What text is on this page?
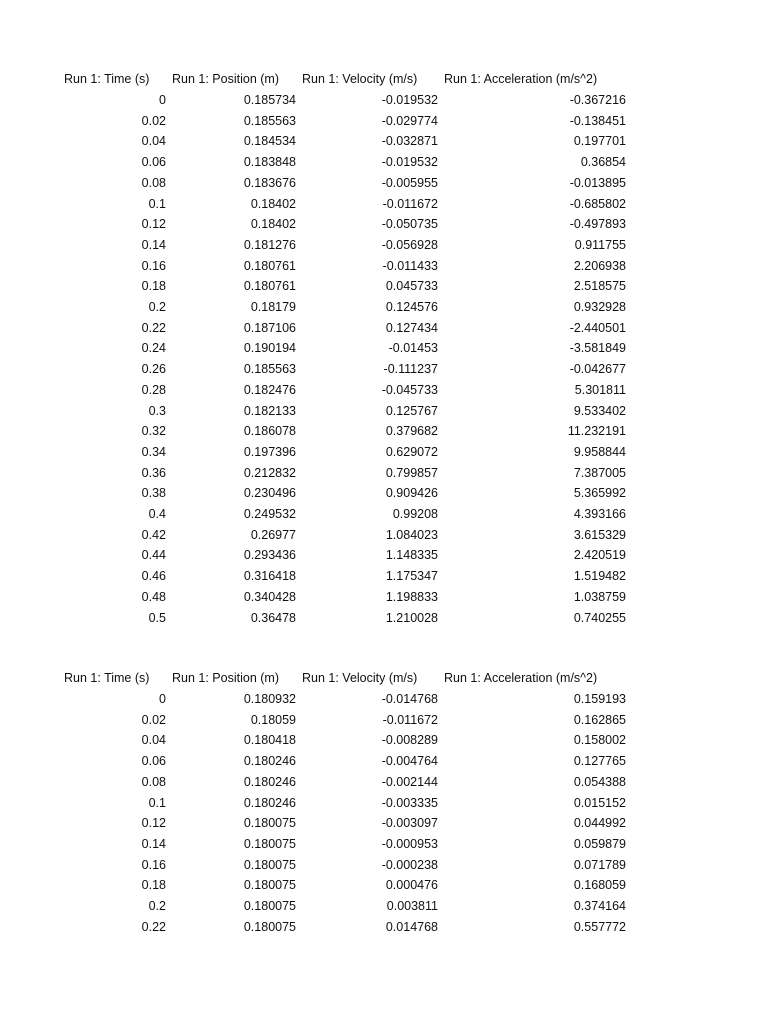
Run 1: Time (s)	Run 1: Position (m)	Run 1: Velocity (m/s)	Run 1: Acceleration (m/s^2)
0	0.185734	-0.019532	-0.367216
0.02	0.185563	-0.029774	-0.138451
0.04	0.184534	-0.032871	0.197701
0.06	0.183848	-0.019532	0.36854
0.08	0.183676	-0.005955	-0.013895
0.1	0.18402	-0.011672	-0.685802
0.12	0.18402	-0.050735	-0.497893
0.14	0.181276	-0.056928	0.911755
0.16	0.180761	-0.011433	2.206938
0.18	0.180761	0.045733	2.518575
0.2	0.18179	0.124576	0.932928
0.22	0.187106	0.127434	-2.440501
0.24	0.190194	-0.01453	-3.581849
0.26	0.185563	-0.111237	-0.042677
0.28	0.182476	-0.045733	5.301811
0.3	0.182133	0.125767	9.533402
0.32	0.186078	0.379682	11.232191
0.34	0.197396	0.629072	9.958844
0.36	0.212832	0.799857	7.387005
0.38	0.230496	0.909426	5.365992
0.4	0.249532	0.99208	4.393166
0.42	0.26977	1.084023	3.615329
0.44	0.293436	1.148335	2.420519
0.46	0.316418	1.175347	1.519482
0.48	0.340428	1.198833	1.038759
0.5	0.36478	1.210028	0.740255
Run 1: Time (s)	Run 1: Position (m)	Run 1: Velocity (m/s)	Run 1: Acceleration (m/s^2)
0	0.180932	-0.014768	0.159193
0.02	0.18059	-0.011672	0.162865
0.04	0.180418	-0.008289	0.158002
0.06	0.180246	-0.004764	0.127765
0.08	0.180246	-0.002144	0.054388
0.1	0.180246	-0.003335	0.015152
0.12	0.180075	-0.003097	0.044992
0.14	0.180075	-0.000953	0.059879
0.16	0.180075	-0.000238	0.071789
0.18	0.180075	0.000476	0.168059
0.2	0.180075	0.003811	0.374164
0.22	0.180075	0.014768	0.557772
